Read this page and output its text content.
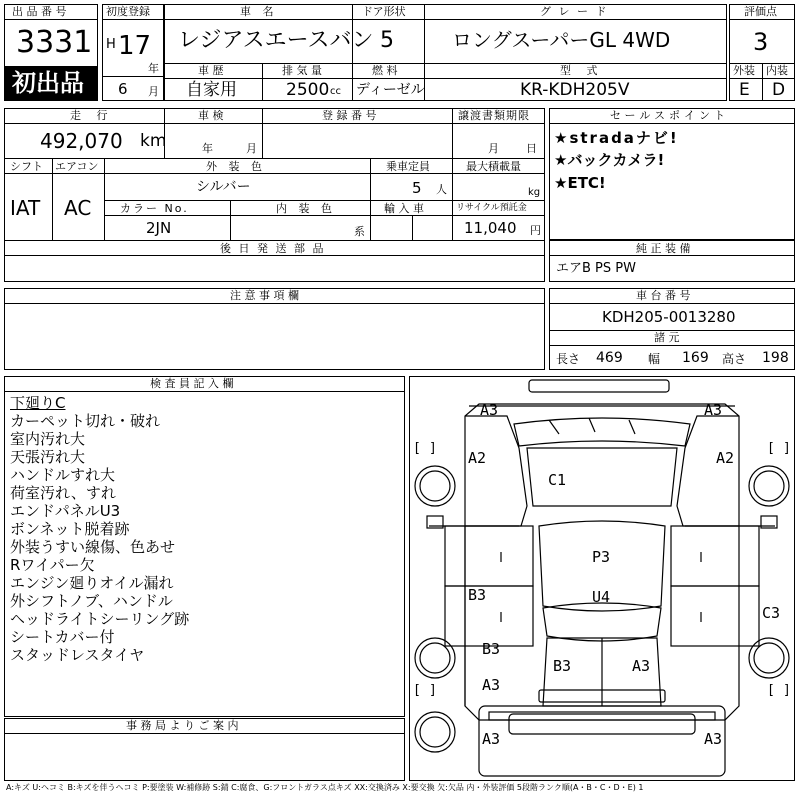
出 品 番 号
3331
初出品
初度登録
H 17
年
6 月
車 名
レジアスエースバン
ドア形状
5
グ レ ー ド
ロングスーパーGL 4WD
車 歴
自家用
排 気 量
2500 cc
燃 料
ディーゼル
型 式
KR-KDH205V
評価点
3
外装 内装
E D
走 行
492,070 km
車 検
年	月
登 録 番 号	譲渡書類期限
月 日
シフト
IAT
エアコン
AC
外 装 色
シルバー
乗車定員
5 人
最大積載量
kg
カラー No.
2JN
内 装 色
系
輸 入 車	リサイクル預託金
11,040 円
後 日 発 送 部 品
セールスポイント
★stradaナビ!
★バックカメラ!
★ETC!
純 正 装 備
エアB PS PW
注 意 事 項 欄	車 台 番 号
KDH205-0013280
諸 元
長さ 469 幅 169 高さ 198
検 査 員 記 入 欄
下廻りC
カーペット切れ・破れ
室内汚れ大
天張汚れ大
ハンドルすれ大
荷室汚れ、すれ
エンドパネルU3
ボンネット脱着跡
外装うすい線傷、色あせ
Rワイパー欠
エンジン廻りオイル漏れ
外シフトノブ、ハンドル
ヘッドライトシーリング跡
シートカバー付
スタッドレスタイヤ
事 務 局 よ り ご 案 内
[ ]	[ ]
[ ]	[ ]
A3	A3
A2	A2
C1
P3
U4
B3
B3
B3	A3
A3
C3
A3	A3
A:キズ U:ヘコミ B:キズを伴うヘコミ P:要塗装 W:補修跡 S:錆 C:腐食、G:フロントガラス点キズ XX:交換済み X:要交換 欠:欠品 内・外装評価 5段階ランク順(A・B・C・D・E) 1
